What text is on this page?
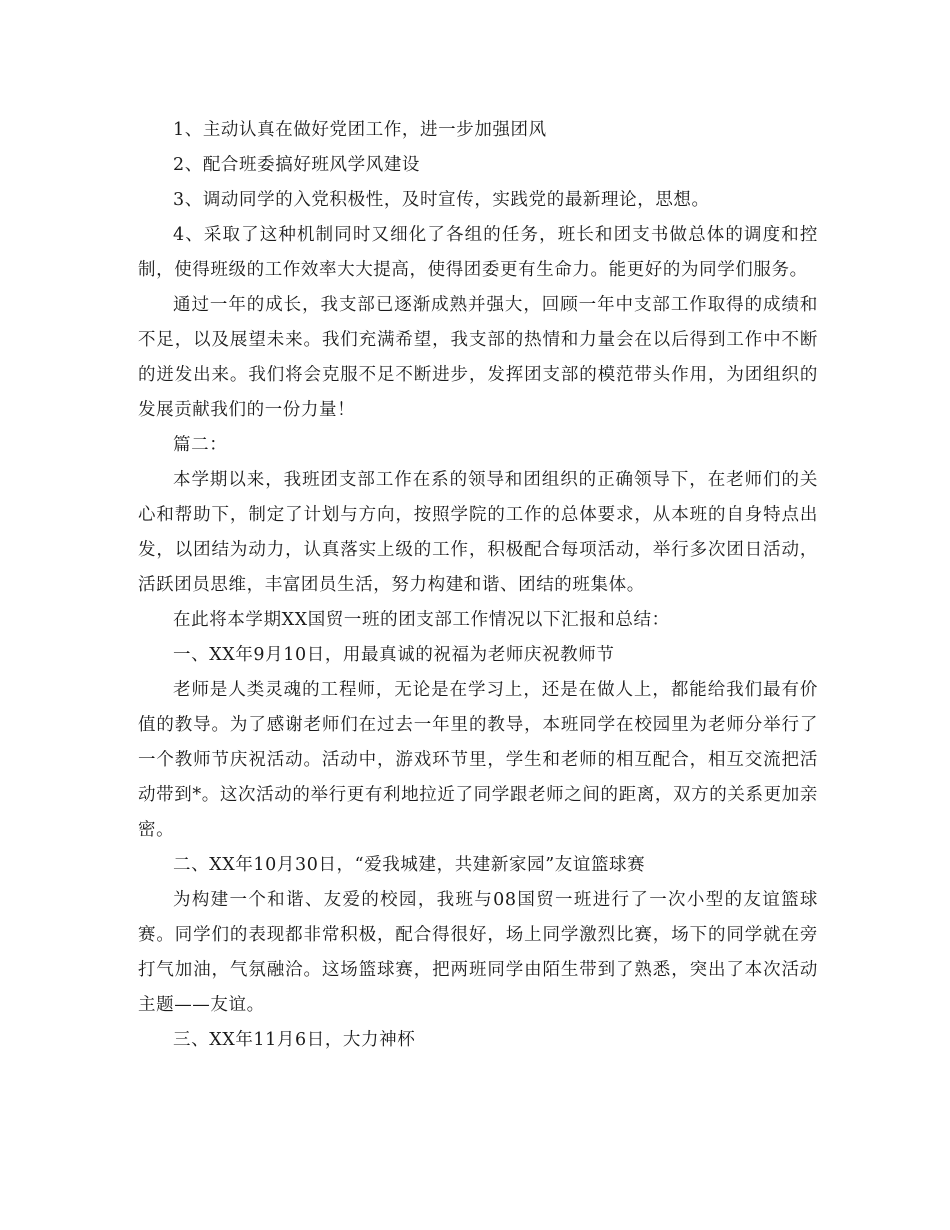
1、主动认真在做好党团工作，进一步加强团风

2、配合班委搞好班风学风建设

3、调动同学的入党积极性，及时宣传，实践党的最新理论，思想。

4、采取了这种机制同时又细化了各组的任务，班长和团支书做总体的调度和控制，使得班级的工作效率大大提高，使得团委更有生命力。能更好的为同学们服务。

通过一年的成长，我支部已逐渐成熟并强大，回顾一年中支部工作取得的成绩和不足，以及展望未来。我们充满希望，我支部的热情和力量会在以后得到工作中不断的迸发出来。我们将会克服不足不断进步，发挥团支部的模范带头作用，为团组织的发展贡献我们的一份力量！

篇二：

本学期以来，我班团支部工作在系的领导和团组织的正确领导下，在老师们的关心和帮助下，制定了计划与方向，按照学院的工作的总体要求，从本班的自身特点出发，以团结为动力，认真落实上级的工作，积极配合每项活动，举行多次团日活动，活跃团员思维，丰富团员生活，努力构建和谐、团结的班集体。

在此将本学期XX国贸一班的团支部工作情况以下汇报和总结：

一、XX年9月10日，用最真诚的祝福为老师庆祝教师节

老师是人类灵魂的工程师，无论是在学习上，还是在做人上，都能给我们最有价值的教导。为了感谢老师们在过去一年里的教导，本班同学在校园里为老师分举行了一个教师节庆祝活动。活动中，游戏环节里，学生和老师的相互配合，相互交流把活动带到*。这次活动的举行更有利地拉近了同学跟老师之间的距离，双方的关系更加亲密。

二、XX年10月30日，“爱我城建，共建新家园”友谊篮球赛

为构建一个和谐、友爱的校园，我班与08国贸一班进行了一次小型的友谊篮球赛。同学们的表现都非常积极，配合得很好，场上同学激烈比赛，场下的同学就在旁打气加油，气氛融洽。这场篮球赛，把两班同学由陌生带到了熟悉，突出了本次活动主题——友谊。

三、XX年11月6日，大力神杯
